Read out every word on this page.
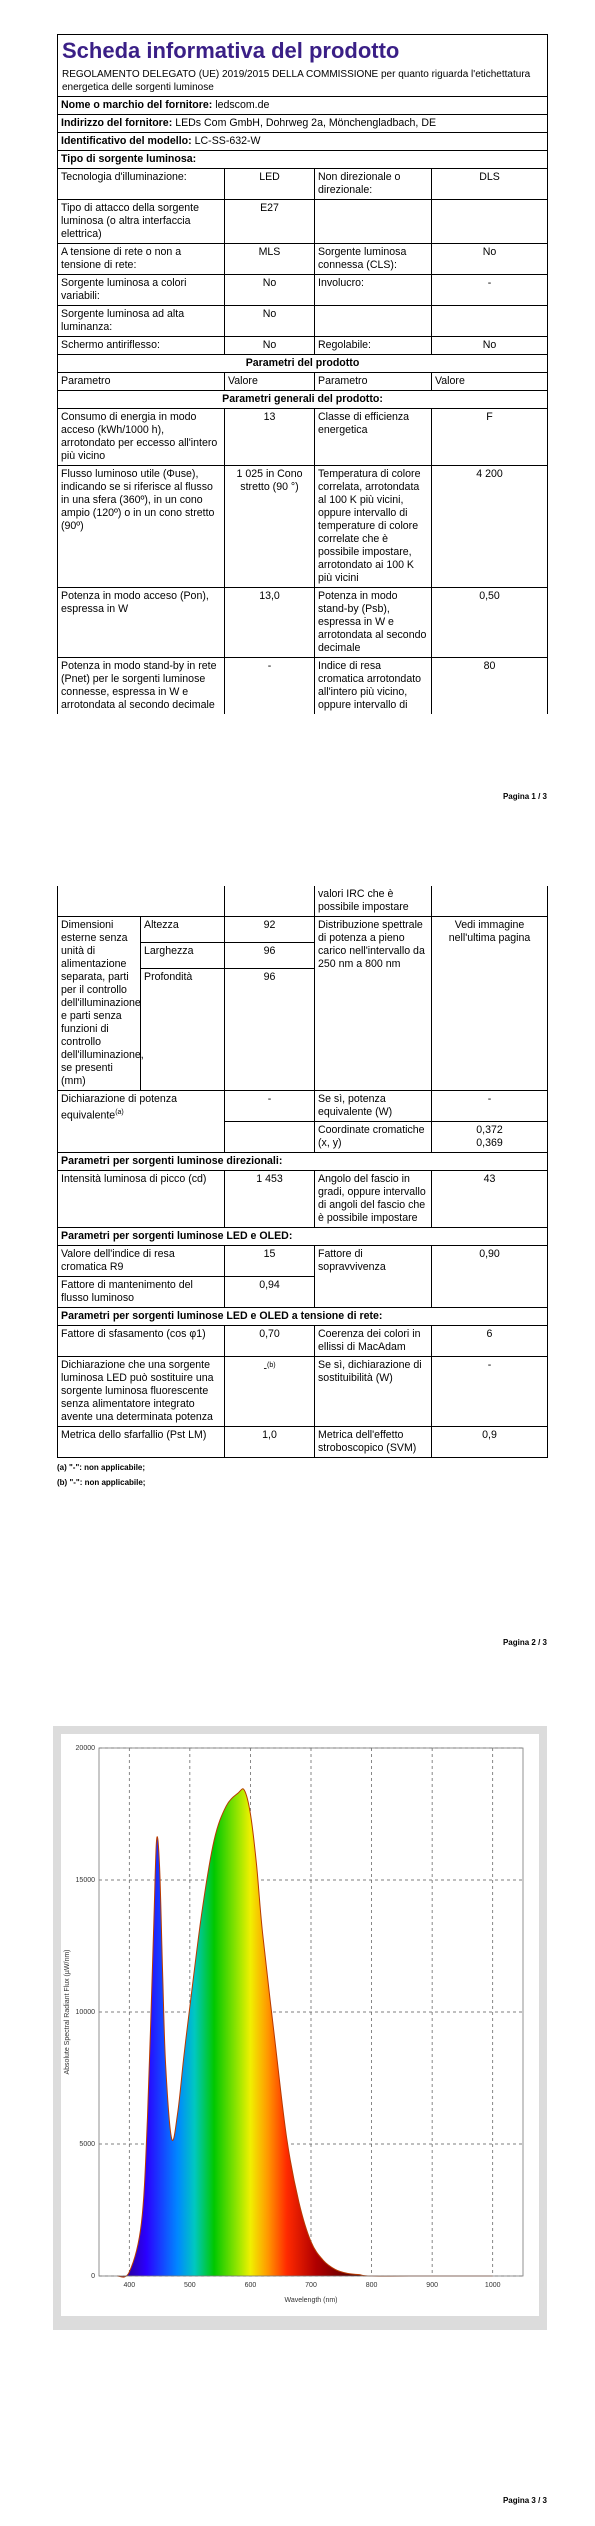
Scheda informativa del prodotto
REGOLAMENTO DELEGATO (UE) 2019/2015 DELLA COMMISSIONE per quanto riguarda l'etichettatura energetica delle sorgenti luminose			

Nome o marchio del fornitore: ledscom.de			
Indirizzo del fornitore: LEDs Com GmbH, Dohrweg 2a, Mönchengladbach, DE			
Identificativo del modello: LC-SS-632-W			
Tipo di sorgente luminosa:			
Tecnologia d'illuminazione:	LED	Non direzionale o direzionale:	DLS
Tipo di attacco della sorgente luminosa (o altra interfaccia elettrica)	E27		
A tensione di rete o non a tensione di rete:	MLS	Sorgente luminosa connessa (CLS):	No
Sorgente luminosa a colori variabili:	No	Involucro:	-
Sorgente luminosa ad alta luminanza:	No		
Schermo antiriflesso:	No	Regolabile:	No
Parametri del prodotto			
Parametro	Valore	Parametro	Valore
Parametri generali del prodotto:			
Consumo di energia in modo acceso (kWh/1000 h), arrotondato per eccesso all'intero più vicino	13	Classe di efficienza energetica	F
Flusso luminoso utile (Φuse), indicando se si riferisce al flusso in una sfera (360º), in un cono ampio (120º) o in un cono stretto (90º)	1 025 in Cono stretto (90 °)	Temperatura di colore correlata, arrotondata al 100 K più vicini, oppure intervallo di temperature di colore correlate che è possibile impostare, arrotondato ai 100 K più vicini	4 200
Potenza in modo acceso (Pon), espressa in W	13,0	Potenza in modo stand-by (Psb), espressa in W e arrotondata al secondo decimale	0,50
Potenza in modo stand-by in rete (Pnet) per le sorgenti luminose connesse, espressa in W e arrotondata al secondo decimale	-	Indice di resa cromatica arrotondato all'intero più vicino, oppure intervallo di	80
Pagina 1 / 3
			valori IRC che è possibile impostare	
Dimensioni esterne senza unità di alimentazione separata, parti per il controllo dell'illuminazione e parti senza funzioni di controllo dell'illuminazione, se presenti (mm)	Altezza	92	Distribuzione spettrale di potenza a pieno carico nell'intervallo da 250 nm a 800 nm	Vedi immagine nell'ultima pagina
	Larghezza	96		
	Profondità	96		
Dichiarazione di potenza equivalente$^{(a)}$		-	Se sì, potenza equivalente (W)	-
			Coordinate cromatiche (x, y)	0,372
0,369

Parametri per sorgenti luminose direzionali:				
Intensità luminosa di picco (cd)		1 453	Angolo del fascio in gradi, oppure intervallo di angoli del fascio che è possibile impostare	43
Parametri per sorgenti luminose LED e OLED:				
Valore dell'indice di resa cromatica R9		15	Fattore di sopravvivenza	0,90
Fattore di mantenimento del flusso luminoso		0,94		
Parametri per sorgenti luminose LED e OLED a tensione di rete:				
Fattore di sfasamento (cos φ1)		0,70	Coerenza dei colori in ellissi di MacAdam	6
Dichiarazione che una sorgente luminosa LED può sostituire una sorgente luminosa fluorescente senza alimentatore integrato avente una determinata potenza		-$^{(b)}$	Se sì, dichiarazione di sostituibilità (W)	-
Metrica dello sfarfallio (Pst LM)		1,0	Metrica dell'effetto stroboscopico (SVM)	0,9
(a) "-": non applicabile;
(b) "-": non applicabile;
Pagina 2 / 3
400	500	600	700	800	900	1000
0
5000
10000
15000
20000
Wavelength (nm)
Absolute Spectral Radiant Flux (µW/nm)
Pagina 3 / 3
